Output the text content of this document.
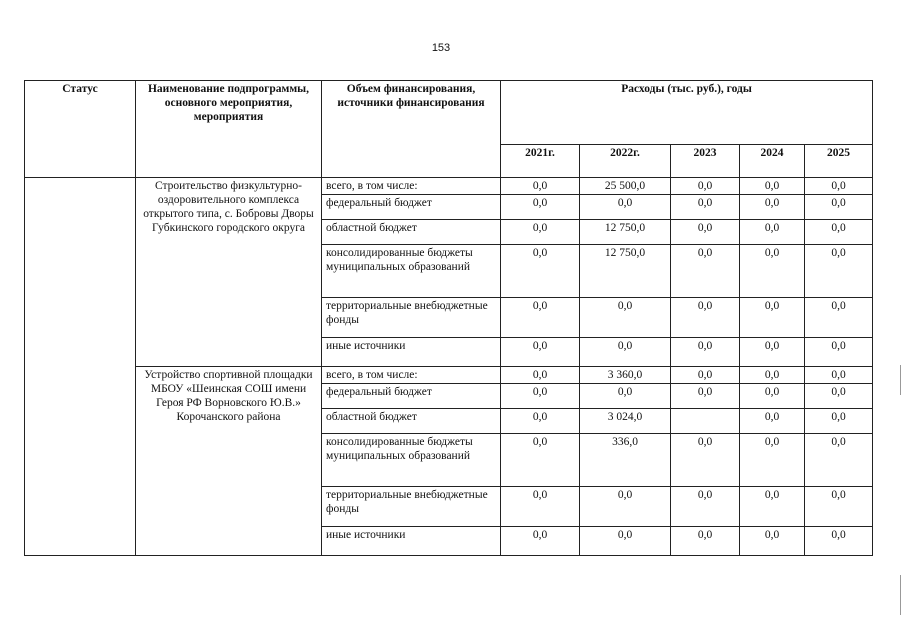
153
Статус	Наименование подпрограммы, основного мероприятия, мероприятия	Объем финансирования, источники финансирования	Расходы (тыс. руб.), годы				
			2021г.	2022г.	2023	2024	2025
	Строительство физкультурно-оздоровительного комплекса открытого типа, с. Бобровы Дворы Губкинского городского округа	всего, в том числе:	0,0	25 500,0	0,0	0,0	0,0
		федеральный бюджет	0,0	0,0	0,0	0,0	0,0
		областной бюджет	0,0	12 750,0	0,0	0,0	0,0
		консолидированные бюджеты муниципальных образований	0,0	12 750,0	0,0	0,0	0,0
		территориальные внебюджетные фонды	0,0	0,0	0,0	0,0	0,0
		иные источники	0,0	0,0	0,0	0,0	0,0
	Устройство спортивной площадки МБОУ «Шеинская СОШ имени Героя РФ Ворновского Ю.В.» Корочанского района	всего, в том числе:	0,0	3 360,0	0,0	0,0	0,0
		федеральный бюджет	0,0	0,0	0,0	0,0	0,0
		областной бюджет	0,0	3 024,0		0,0	0,0
		консолидированные бюджеты муниципальных образований	0,0	336,0	0,0	0,0	0,0
		территориальные внебюджетные фонды	0,0	0,0	0,0	0,0	0,0
		иные источники	0,0	0,0	0,0	0,0	0,0
